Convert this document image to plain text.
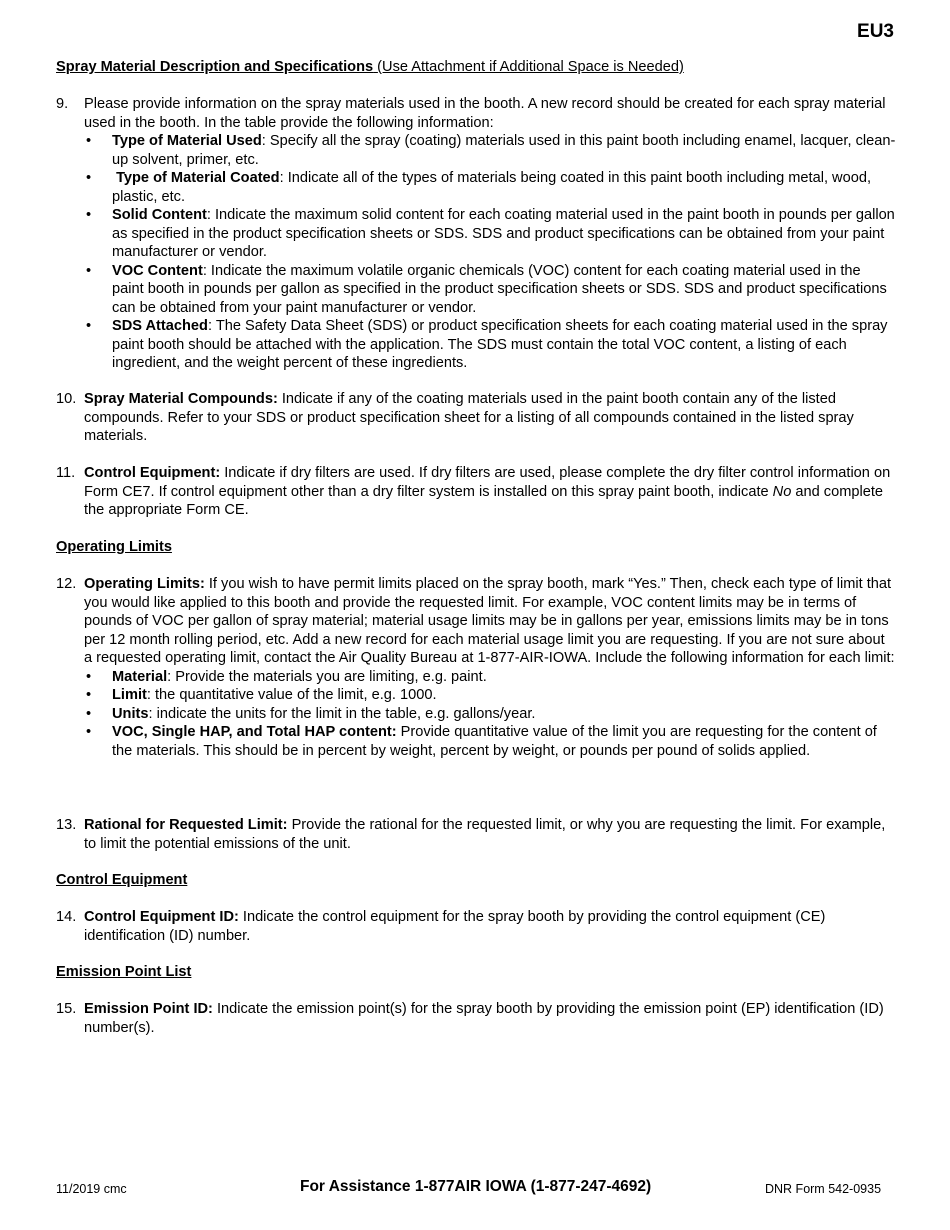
EU3
Spray Material Description and Specifications (Use Attachment if Additional Space is Needed)
9.	Please provide information on the spray materials used in the booth. A new record should be created for each spray material used in the booth. In the table provide the following information:
• Type of Material Used: Specify all the spray (coating) materials used in this paint booth including enamel, lacquer, clean-up solvent, primer, etc.
• Type of Material Coated: Indicate all of the types of materials being coated in this paint booth including metal, wood, plastic, etc.
• Solid Content: Indicate the maximum solid content for each coating material used in the paint booth in pounds per gallon as specified in the product specification sheets or SDS. SDS and product specifications can be obtained from your paint manufacturer or vendor.
• VOC Content: Indicate the maximum volatile organic chemicals (VOC) content for each coating material used in the paint booth in pounds per gallon as specified in the product specification sheets or SDS. SDS and product specifications can be obtained from your paint manufacturer or vendor.
• SDS Attached: The Safety Data Sheet (SDS) or product specification sheets for each coating material used in the spray paint booth should be attached with the application. The SDS must contain the total VOC content, a listing of each ingredient, and the weight percent of these ingredients.
10. Spray Material Compounds: Indicate if any of the coating materials used in the paint booth contain any of the listed compounds. Refer to your SDS or product specification sheet for a listing of all compounds contained in the listed spray materials.
11. Control Equipment: Indicate if dry filters are used. If dry filters are used, please complete the dry filter control information on Form CE7. If control equipment other than a dry filter system is installed on this spray paint booth, indicate No and complete the appropriate Form CE.
Operating Limits
12. Operating Limits: If you wish to have permit limits placed on the spray booth, mark “Yes.” Then, check each type of limit that you would like applied to this booth and provide the requested limit. For example, VOC content limits may be in terms of pounds of VOC per gallon of spray material; material usage limits may be in gallons per year, emissions limits may be in tons per 12 month rolling period, etc. Add a new record for each material usage limit you are requesting. If you are not sure about a requested operating limit, contact the Air Quality Bureau at 1-877-AIR-IOWA. Include the following information for each limit:
• Material: Provide the materials you are limiting, e.g. paint.
• Limit: the quantitative value of the limit, e.g. 1000.
• Units: indicate the units for the limit in the table, e.g. gallons/year.
• VOC, Single HAP, and Total HAP content: Provide quantitative value of the limit you are requesting for the content of the materials. This should be in percent by weight, percent by weight, or pounds per pound of solids applied.
13. Rational for Requested Limit: Provide the rational for the requested limit, or why you are requesting the limit. For example, to limit the potential emissions of the unit.
Control Equipment
14. Control Equipment ID: Indicate the control equipment for the spray booth by providing the control equipment (CE) identification (ID) number.
Emission Point List
15. Emission Point ID: Indicate the emission point(s) for the spray booth by providing the emission point (EP) identification (ID) number(s).
11/2019 cmc	For Assistance 1-877AIR IOWA (1-877-247-4692)	DNR Form 542-0935
